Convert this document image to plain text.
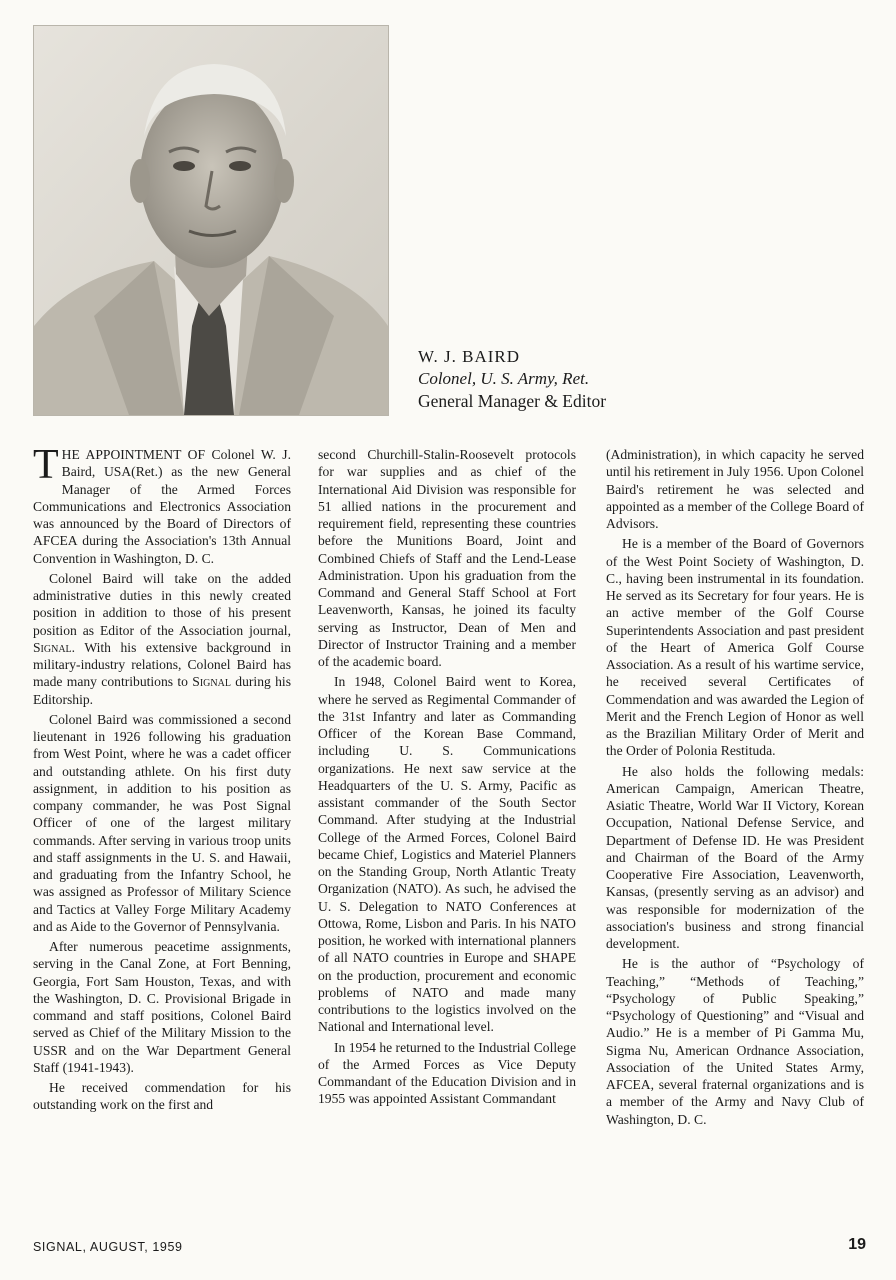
W. J. BAIRD
Colonel, U. S. Army, Ret.
General Manager & Editor

THE APPOINTMENT OF Colonel W. J. Baird, USA(Ret.) as the new General Manager of the Armed Forces Communications and Electronics Association was announced by the Board of Directors of AFCEA during the Association's 13th Annual Convention in Washington, D. C.

Colonel Baird will take on the added administrative duties in this newly created position in addition to those of his present position as Editor of the Association journal, Signal. With his extensive background in military-industry relations, Colonel Baird has made many contributions to Signal during his Editorship.

Colonel Baird was commissioned a second lieutenant in 1926 following his graduation from West Point, where he was a cadet officer and outstanding athlete. On his first duty assignment, in addition to his position as company commander, he was Post Signal Officer of one of the largest military commands. After serving in various troop units and staff assignments in the U. S. and Hawaii, and graduating from the Infantry School, he was assigned as Professor of Military Science and Tactics at Valley Forge Military Academy and as Aide to the Governor of Pennsylvania.

After numerous peacetime assignments, serving in the Canal Zone, at Fort Benning, Georgia, Fort Sam Houston, Texas, and with the Washington, D. C. Provisional Brigade in command and staff positions, Colonel Baird served as Chief of the Military Mission to the USSR and on the War Department General Staff (1941-1943).

He received commendation for his outstanding work on the first and

second Churchill-Stalin-Roosevelt protocols for war supplies and as chief of the International Aid Division was responsible for 51 allied nations in the procurement and requirement field, representing these countries before the Munitions Board, Joint and Combined Chiefs of Staff and the Lend-Lease Administration. Upon his graduation from the Command and General Staff School at Fort Leavenworth, Kansas, he joined its faculty serving as Instructor, Dean of Men and Director of Instructor Training and a member of the academic board.

In 1948, Colonel Baird went to Korea, where he served as Regimental Commander of the 31st Infantry and later as Commanding Officer of the Korean Base Command, including U. S. Communications organizations. He next saw service at the Headquarters of the U. S. Army, Pacific as assistant commander of the South Sector Command. After studying at the Industrial College of the Armed Forces, Colonel Baird became Chief, Logistics and Materiel Planners on the Standing Group, North Atlantic Treaty Organization (NATO). As such, he advised the U. S. Delegation to NATO Conferences at Ottowa, Rome, Lisbon and Paris. In his NATO position, he worked with international planners of all NATO countries in Europe and SHAPE on the production, procurement and economic problems of NATO and made many contributions to the logistics involved on the National and International level.

In 1954 he returned to the Industrial College of the Armed Forces as Vice Deputy Commandant of the Education Division and in 1955 was appointed Assistant Commandant

(Administration), in which capacity he served until his retirement in July 1956. Upon Colonel Baird's retirement he was selected and appointed as a member of the College Board of Advisors.

He is a member of the Board of Governors of the West Point Society of Washington, D. C., having been instrumental in its foundation. He served as its Secretary for four years. He is an active member of the Golf Course Superintendents Association and past president of the Heart of America Golf Course Association. As a result of his wartime service, he received several Certificates of Commendation and was awarded the Legion of Merit and the French Legion of Honor as well as the Brazilian Military Order of Merit and the Order of Polonia Restituda.

He also holds the following medals: American Campaign, American Theatre, Asiatic Theatre, World War II Victory, Korean Occupation, National Defense Service, and Department of Defense ID. He was President and Chairman of the Board of the Army Cooperative Fire Association, Leavenworth, Kansas, (presently serving as an advisor) and was responsible for modernization of the association's business and strong financial development.

He is the author of “Psychology of Teaching,” “Methods of Teaching,” “Psychology of Public Speaking,” “Psychology of Questioning” and “Visual and Audio.” He is a member of Pi Gamma Mu, Sigma Nu, American Ordnance Association, Association of the United States Army, AFCEA, several fraternal organizations and is a member of the Army and Navy Club of Washington, D. C.

SIGNAL, AUGUST, 1959	19
